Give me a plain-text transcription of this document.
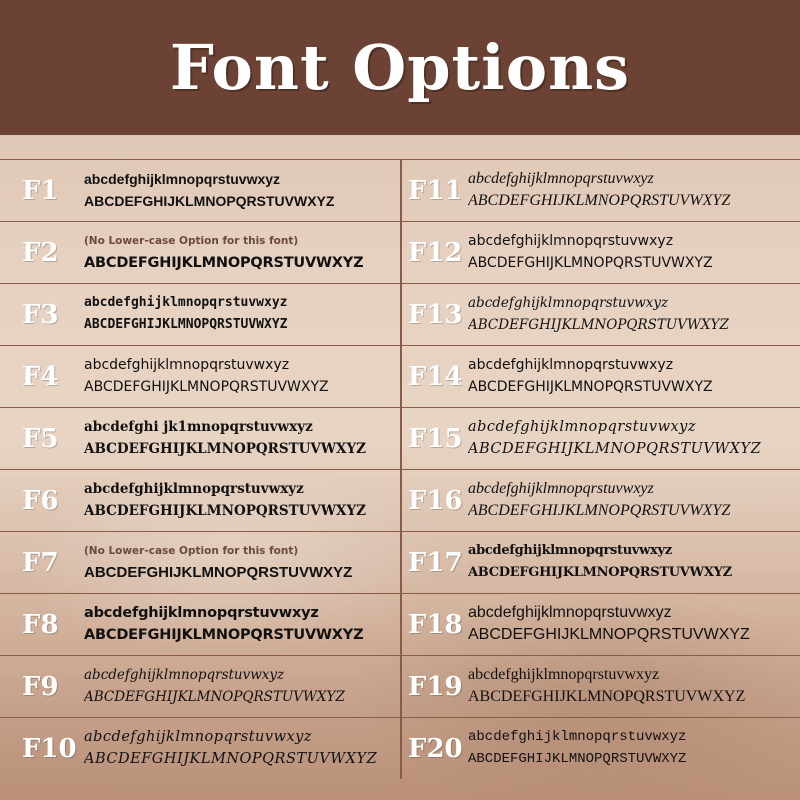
Font Options
F1 abcdefghijklmnopqrstuvwxyz
ABCDEFGHIJKLMNOPQRSTUVWXYZ
F2 (No Lower-case Option for this font)
ABCDEFGHIJKLMNOPQRSTUVWXYZ
F3 abcdefghijklmnopqrstuvwxyz
ABCDEFGHIJKLMNOPQRSTUVWXYZ
F4 abcdefghijklmnopqrstuvwxyz
ABCDEFGHIJKLMNOPQRSTUVWXYZ
F5 abcdefghi jk1mnopqrstuvwxyz
ABCDEFGHIJKLMNOPQRSTUVWXYZ
F6 abcdefghijklmnopqrstuvwxyz
ABCDEFGHIJKLMNOPQRSTUVWXYZ
F7 (No Lower-case Option for this font)
ABCDEFGHIJKLMNOPQRSTUVWXYZ
F8 abcdefghijklmnopqrstuvwxyz
ABCDEFGHIJKLMNOPQRSTUVWXYZ
F9 abcdefghijklmnopqrstuvwxyz
ABCDEFGHIJKLMNOPQRSTUVWXYZ
F10 abcdefghijklmnopqrstuvwxyz
ABCDEFGHIJKLMNOPQRSTUVWXYZ
F11 abcdefghijklmnopqrstuvwxyz
ABCDEFGHIJKLMNOPQRSTUVWXYZ
F12 abcdefghijklmnopqrstuvwxyz
ABCDEFGHIJKLMNOPQRSTUVWXYZ
F13 abcdefghijklmnopqrstuvwxyz
ABCDEFGHIJKLMNOPQRSTUVWXYZ
F14 abcdefghijklmnopqrstuvwxyz
ABCDEFGHIJKLMNOPQRSTUVWXYZ
F15 abcdefghijklmnopqrstuvwxyz
ABCDEFGHIJKLMNOPQRSTUVWXYZ
F16 abcdefghijklmnopqrstuvwxyz
ABCDEFGHIJKLMNOPQRSTUVWXYZ
F17 abcdefghijklmnopqrstuvwxyz
ABCDEFGHIJKLMNOPQRSTUVWXYZ
F18 abcdefghijklmnopqrstuvwxyz
ABCDEFGHIJKLMNOPQRSTUVWXYZ
F19 abcdefghijklmnopqrstuvwxyz
ABCDEFGHIJKLMNOPQRSTUVWXYZ
F20 abcdefghijklmnopqrstuvwxyz
ABCDEFGHIJKLMNOPQRSTUVWXYZ
